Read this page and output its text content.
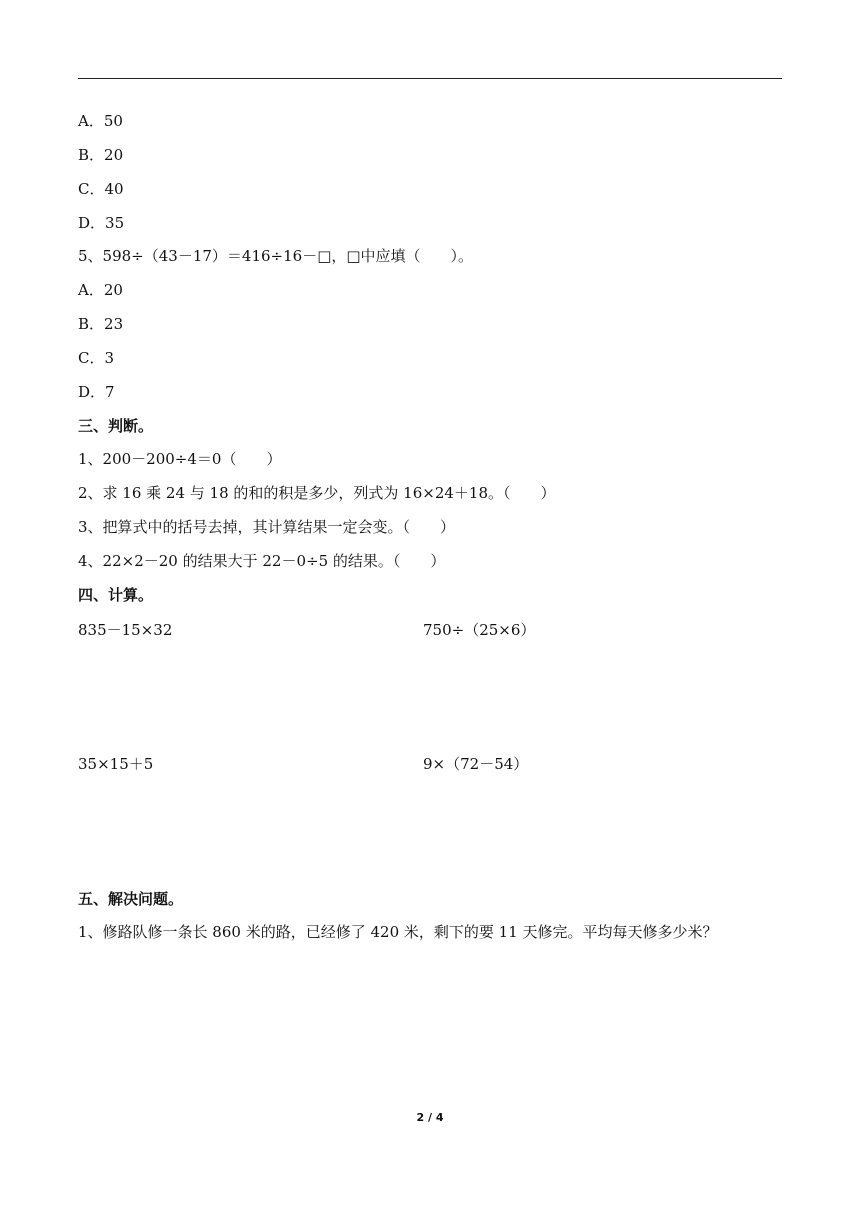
A．50
B．20
C．40
D．35
5、598÷（43－17）＝416÷16－□，□中应填（　　）。
A．20
B．23
C．3
D．7
三、判断。
1、200－200÷4＝0（　　）
2、求 16 乘 24 与 18 的和的积是多少，列式为 16×24＋18。（　　）
3、把算式中的括号去掉，其计算结果一定会变。（　　）
4、22×2－20 的结果大于 22－0÷5 的结果。（　　）
四、计算。
835－15×32	750÷（25×6）
35×15＋5	9×（72－54）
五、解决问题。
1、修路队修一条长 860 米的路，已经修了 420 米，剩下的要 11 天修完。平均每天修多少米？
2 / 4
